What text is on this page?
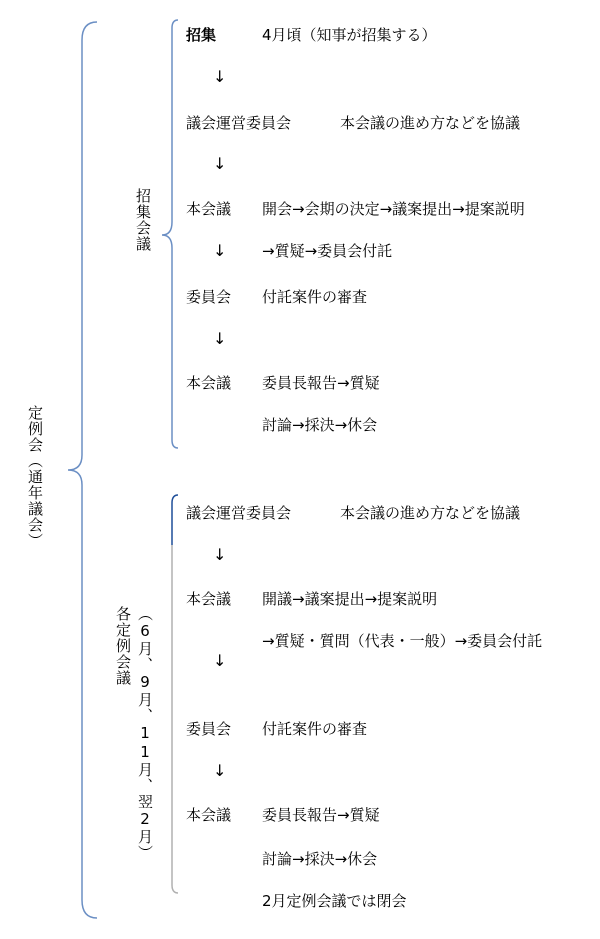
定例会（通年議会）
招集会議
各定例会議 （6月、9月、11月、翌2月）
招集	4月頃（知事が招集する）
↓
議会運営委員会	本会議の進め方などを協議
↓
本会議 開会→会期の決定→議案提出→提案説明
↓ →質疑→委員会付託
委員会 付託案件の審査
↓
本会議 委員長報告→質疑
討論→採決→休会
議会運営委員会	本会議の進め方などを協議
↓
本会議 開議→議案提出→提案説明
↓
→質疑・質問（代表・一般）→委員会付託
委員会 付託案件の審査
↓
本会議 委員長報告→質疑
討論→採決→休会
2月定例会議では閉会
